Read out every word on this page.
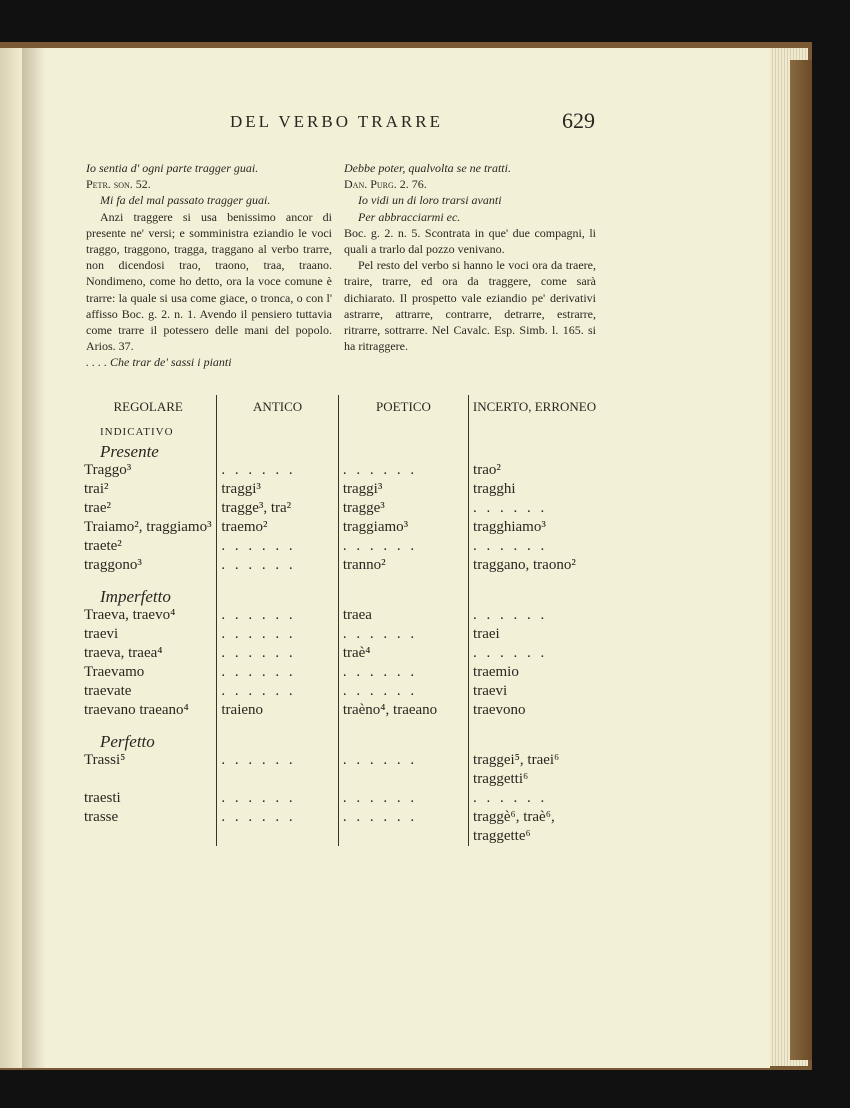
DEL VERBO TRARRE	629

Io sentia d' ogni parte tragger guai.

Petr. son. 52.

Mi fa del mal passato tragger guai.

Anzi traggere si usa benissimo ancor di presente ne' versi; e somministra eziandio le voci traggo, traggono, tragga, traggano al verbo trarre, non dicendosi trao, traono, traa, traano. Nondimeno, come ho detto, ora la voce comune è trarre: la quale si usa come giace, o tronca, o con l' affisso Boc. g. 2. n. 1. Avendo il pensiero tuttavia come trarre il potessero delle mani del popolo. Arios. 37.

. . . . Che trar de' sassi i pianti

Debbe poter, qualvolta se ne tratti.

Dan. Purg. 2. 76.

Io vidi un di loro trarsi avanti

Per abbracciarmi ec.

Boc. g. 2. n. 5. Scontrata in que' due compagni, li quali a trarlo dal pozzo venivano.

Pel resto del verbo si hanno le voci ora da traere, traire, trarre, ed ora da traggere, come sarà dichiarato. Il prospetto vale eziandio pe' derivativi astrarre, attrarre, contrarre, detrarre, estrarre, ritrarre, sottrarre. Nel Cavalc. Esp. Simb. l. 165. si ha ritraggere.

REGOLARE	ANTICO	POETICO	INCERTO, ERRONEO
INDICATIVO			
Presente			
Traggo³	. . . . . .	. . . . . .	trao²
trai²	traggi³	traggi³	tragghi
trae²	tragge³, tra²	tragge³	. . . . . .
Traiamo², traggiamo³	traemo²	traggiamo³	tragghiamo³
traete²	. . . . . .	. . . . . .	. . . . . .
traggono³	. . . . . .	tranno²	traggano, traono²
Imperfetto			
Traeva, traevo⁴	. . . . . .	traea	. . . . . .
traevi	. . . . . .	. . . . . .	traei
traeva, traea⁴	. . . . . .	traè⁴	. . . . . .
Traevamo	. . . . . .	. . . . . .	traemio
traevate	. . . . . .	. . . . . .	traevi
traevano traeano⁴	traieno	traèno⁴, traeano	traevono
Perfetto			
Trassi⁵	. . . . . .	. . . . . .	traggei⁵, traei⁶ traggetti⁶
traesti	. . . . . .	. . . . . .	. . . . . .
trasse	. . . . . .	. . . . . .	traggè⁶, traè⁶, traggette⁶
